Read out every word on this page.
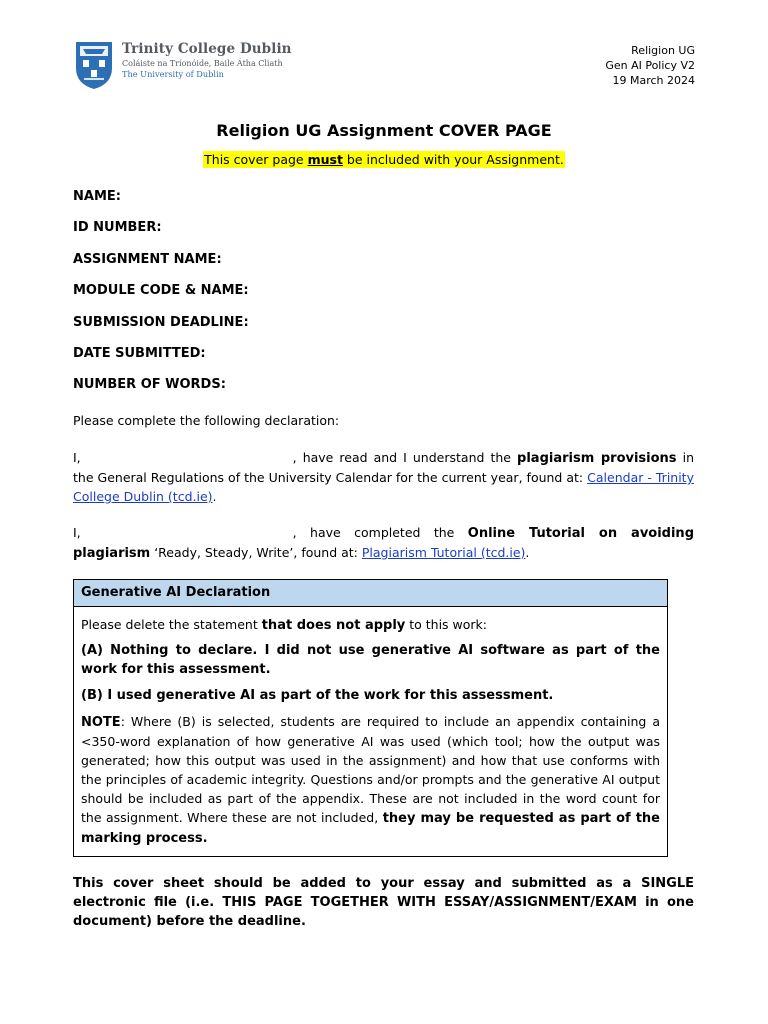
Trinity College Dublin
Coláiste na Tríonóide, Baile Átha Cliath
The University of Dublin
Religion UG
Gen AI Policy V2
19 March 2024
Religion UG Assignment COVER PAGE
This cover page must be included with your Assignment.
NAME:
ID NUMBER:
ASSIGNMENT NAME:
MODULE CODE & NAME:
SUBMISSION DEADLINE:
DATE SUBMITTED:
NUMBER OF WORDS:
Please complete the following declaration:
I,	, have read and I understand the plagiarism provisions in the General Regulations of the University Calendar for the current year, found at: Calendar - Trinity College Dublin (tcd.ie).
I,	, have completed the Online Tutorial on avoiding plagiarism ‘Ready, Steady, Write’, found at: Plagiarism Tutorial (tcd.ie).
Generative AI Declaration

Please delete the statement that does not apply to this work:

(A) Nothing to declare. I did not use generative AI software as part of the work for this assessment.

(B) I used generative AI as part of the work for this assessment.

NOTE: Where (B) is selected, students are required to include an appendix containing a <350-word explanation of how generative AI was used (which tool; how the output was generated; how this output was used in the assignment) and how that use conforms with the principles of academic integrity. Questions and/or prompts and the generative AI output should be included as part of the appendix. These are not included in the word count for the assignment. Where these are not included, they may be requested as part of the marking process.

This cover sheet should be added to your essay and submitted as a SINGLE electronic file (i.e. THIS PAGE TOGETHER WITH ESSAY/ASSIGNMENT/EXAM in one document) before the deadline.
